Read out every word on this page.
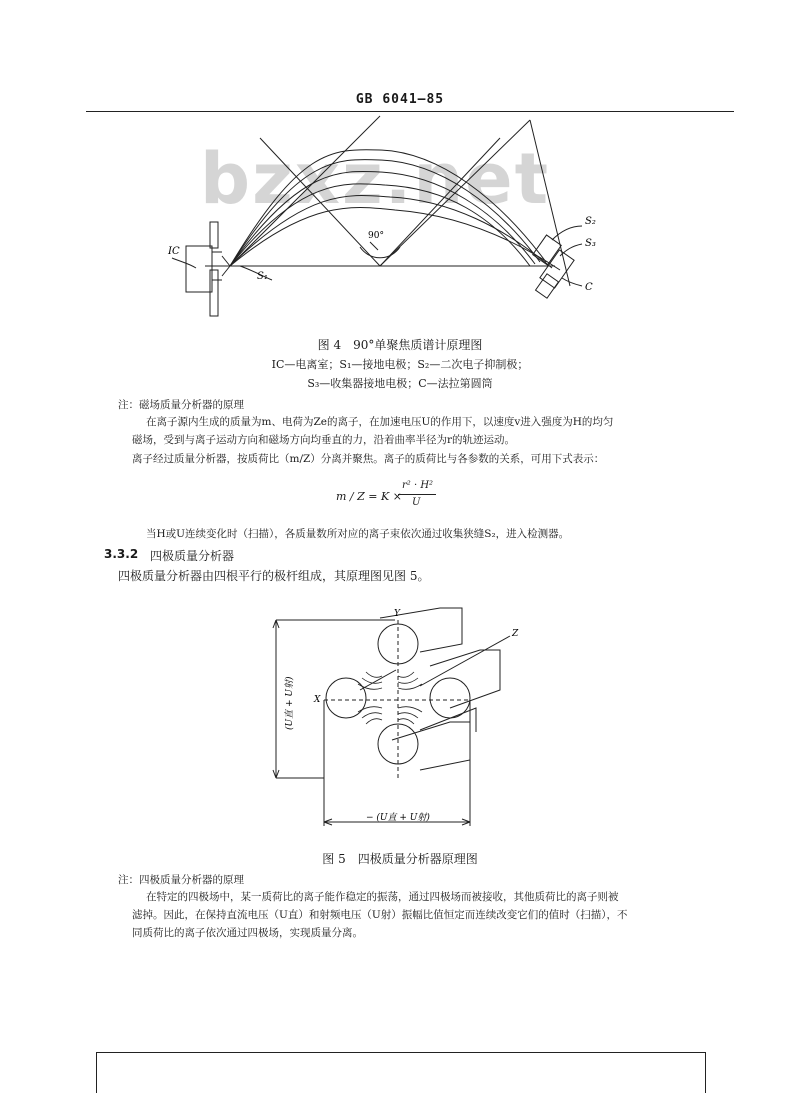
GB 6041—85
bzxz.net
IC
S₁
S₂
S₃
C
90°
图 4　90°单聚焦质谱计原理图
IC—电离室；S₁—接地电极；S₂—二次电子抑制极；
S₃—收集器接地电极；C—法拉第圆筒
注：磁场质量分析器的原理
在离子源内生成的质量为m、电荷为Ze的离子，在加速电压U的作用下，以速度v进入强度为H的均匀
磁场，受到与离子运动方向和磁场方向均垂直的力，沿着曲率半径为r的轨迹运动。
离子经过质量分析器，按质荷比（m/Z）分离并聚焦。离子的质荷比与各参数的关系，可用下式表示：
m / Z = K ×
r² · H²
U
当H或U连续变化时（扫描），各质量数所对应的离子束依次通过收集狭缝S₂，进入检测器。
3.3.2 四极质量分析器
四极质量分析器由四根平行的极杆组成，其原理图见图 5。
Y
X
Z
(U直 + U射)
− (U直 + U射)
图 5　四极质量分析器原理图
注：四极质量分析器的原理
在特定的四极场中，某一质荷比的离子能作稳定的振荡，通过四极场而被接收，其他质荷比的离子则被
滤掉。因此，在保持直流电压（U直）和射频电压（U射）振幅比值恒定而连续改变它们的值时（扫描），不
同质荷比的离子依次通过四极场，实现质量分离。
